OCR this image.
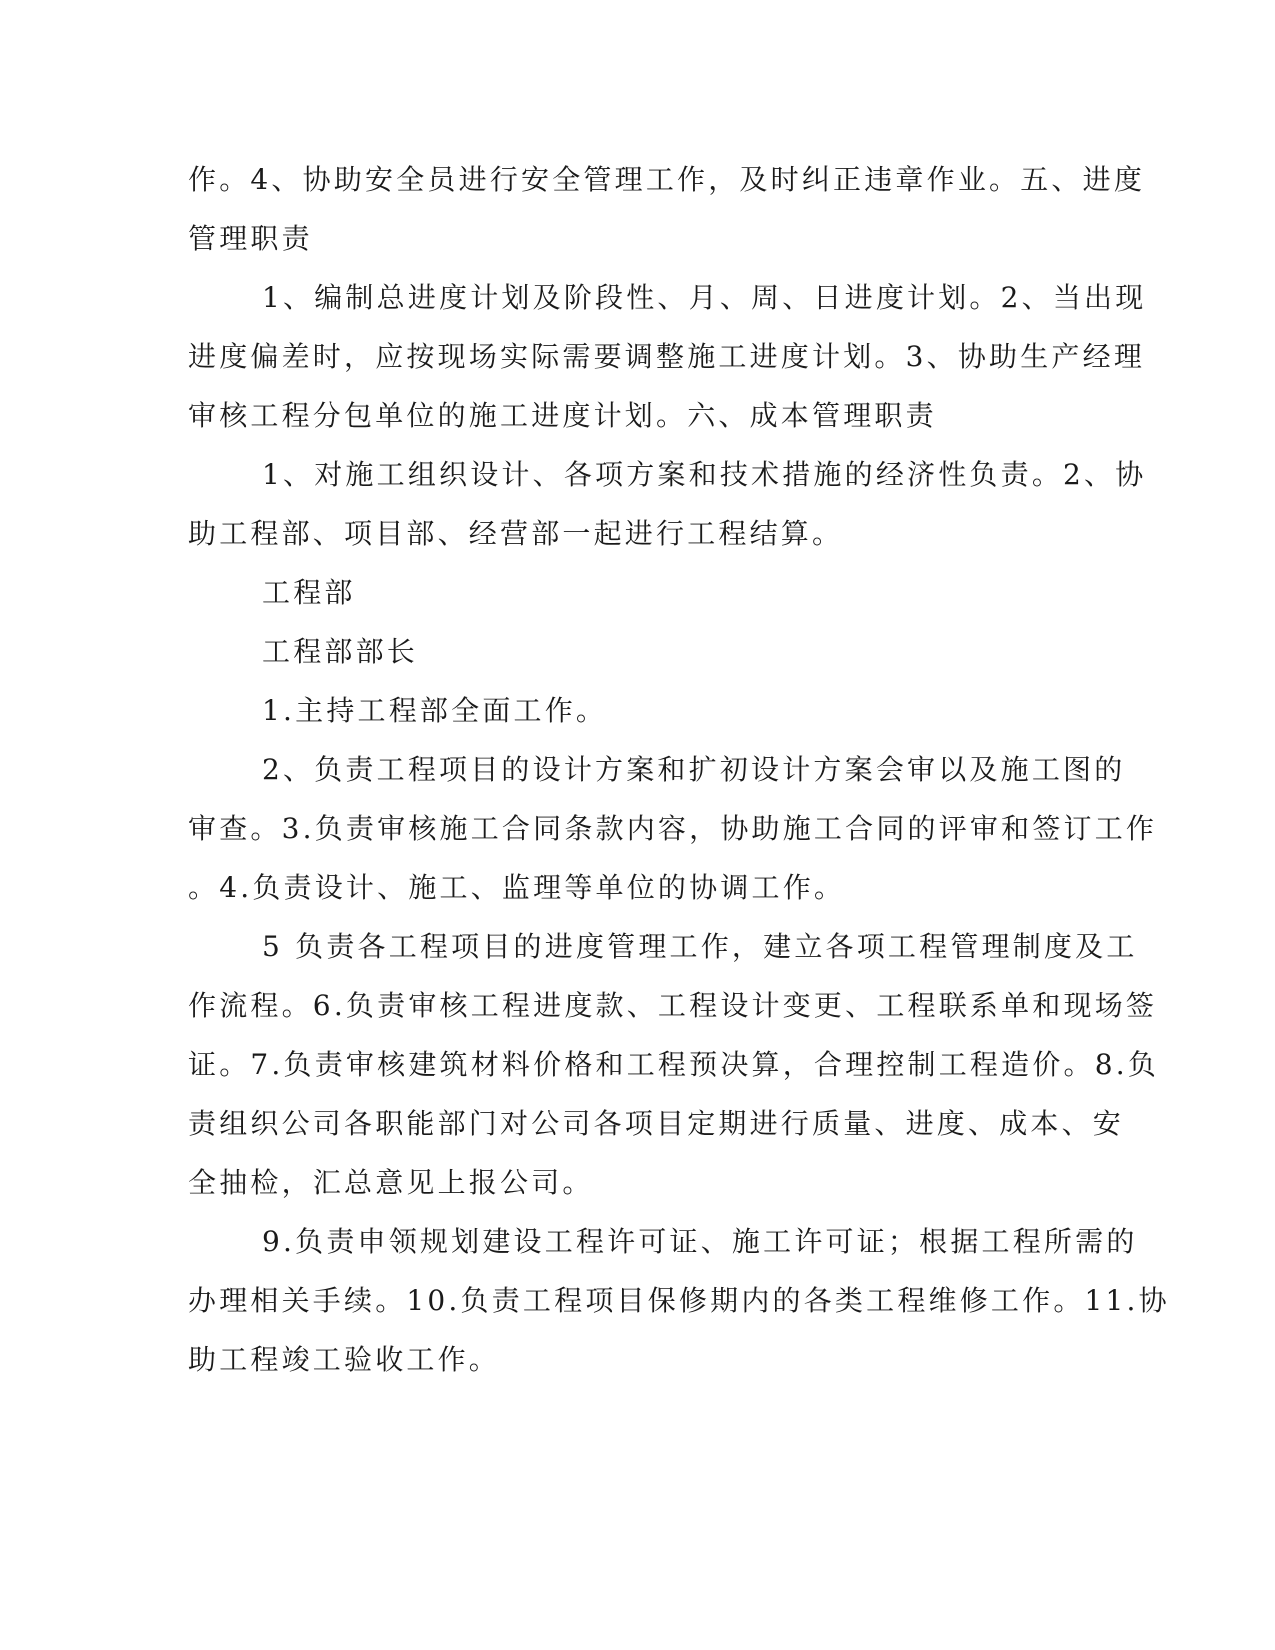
作。4、协助安全员进行安全管理工作，及时纠正违章作业。五、进度
管理职责
1、编制总进度计划及阶段性、月、周、日进度计划。2、当出现
进度偏差时，应按现场实际需要调整施工进度计划。3、协助生产经理
审核工程分包单位的施工进度计划。六、成本管理职责
1、对施工组织设计、各项方案和技术措施的经济性负责。2、协
助工程部、项目部、经营部一起进行工程结算。
工程部
工程部部长
1.主持工程部全面工作。
2、负责工程项目的设计方案和扩初设计方案会审以及施工图的
审查。3.负责审核施工合同条款内容，协助施工合同的评审和签订工作
。4.负责设计、施工、监理等单位的协调工作。
5 负责各工程项目的进度管理工作，建立各项工程管理制度及工
作流程。6.负责审核工程进度款、工程设计变更、工程联系单和现场签
证。7.负责审核建筑材料价格和工程预决算，合理控制工程造价。8.负
责组织公司各职能部门对公司各项目定期进行质量、进度、成本、安
全抽检，汇总意见上报公司。
9.负责申领规划建设工程许可证、施工许可证；根据工程所需的
办理相关手续。10.负责工程项目保修期内的各类工程维修工作。11.协
助工程竣工验收工作。
